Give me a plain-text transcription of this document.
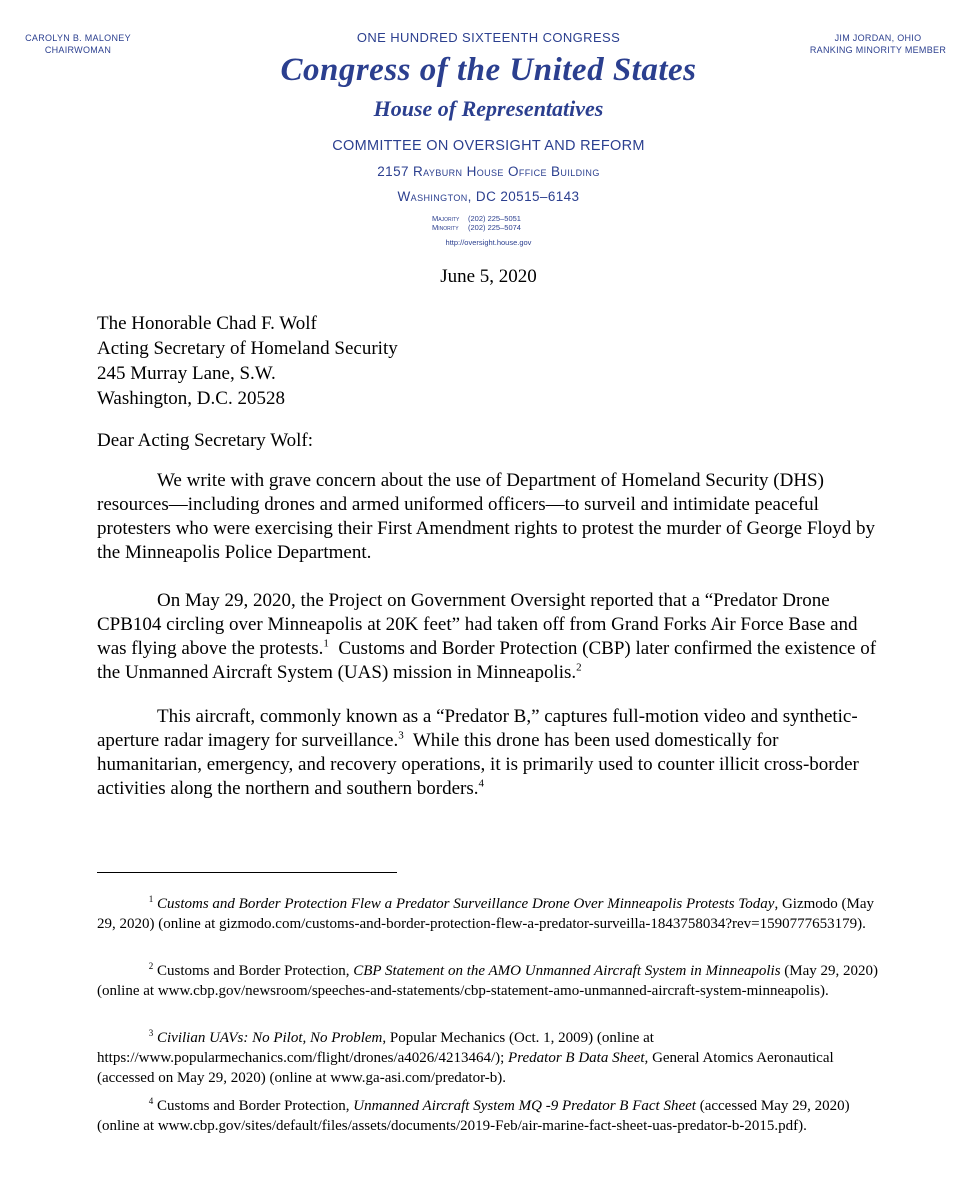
CAROLYN B. MALONEY
CHAIRWOMAN
JIM JORDAN, OHIO
RANKING MINORITY MEMBER
ONE HUNDRED SIXTEENTH CONGRESS
Congress of the United States
House of Representatives
COMMITTEE ON OVERSIGHT AND REFORM
2157 Rayburn House Office Building
Washington, DC 20515–6143
Majority (202) 225–5051
Minority (202) 225–5074
http://oversight.house.gov
June 5, 2020
The Honorable Chad F. Wolf
Acting Secretary of Homeland Security
245 Murray Lane, S.W.
Washington, D.C. 20528
Dear Acting Secretary Wolf:

We write with grave concern about the use of Department of Homeland Security (DHS) resources—including drones and armed uniformed officers—to surveil and intimidate peaceful protesters who were exercising their First Amendment rights to protest the murder of George Floyd by the Minneapolis Police Department.

On May 29, 2020, the Project on Government Oversight reported that a “Predator Drone CPB104 circling over Minneapolis at 20K feet” had taken off from Grand Forks Air Force Base and was flying above the protests.$^1$  Customs and Border Protection (CBP) later confirmed the existence of the Unmanned Aircraft System (UAS) mission in Minneapolis.$^2$

This aircraft, commonly known as a “Predator B,” captures full-motion video and synthetic-aperture radar imagery for surveillance.$^3$  While this drone has been used domestically for humanitarian, emergency, and recovery operations, it is primarily used to counter illicit cross-border activities along the northern and southern borders.$^4$

$^1$ Customs and Border Protection Flew a Predator Surveillance Drone Over Minneapolis Protests Today, Gizmodo (May 29, 2020) (online at gizmodo.com/customs-and-border-protection-flew-a-predator-surveilla-1843758034?rev=1590777653179).

$^2$ Customs and Border Protection, CBP Statement on the AMO Unmanned Aircraft System in Minneapolis (May 29, 2020) (online at www.cbp.gov/newsroom/speeches-and-statements/cbp-statement-amo-unmanned-aircraft-system-minneapolis).

$^3$ Civilian UAVs: No Pilot, No Problem, Popular Mechanics (Oct. 1, 2009) (online at https://www.popularmechanics.com/flight/drones/a4026/4213464/); Predator B Data Sheet, General Atomics Aeronautical (accessed on May 29, 2020) (online at www.ga-asi.com/predator-b).

$^4$ Customs and Border Protection, Unmanned Aircraft System MQ -9 Predator B Fact Sheet (accessed May 29, 2020) (online at www.cbp.gov/sites/default/files/assets/documents/2019-Feb/air-marine-fact-sheet-uas-predator-b-2015.pdf).
